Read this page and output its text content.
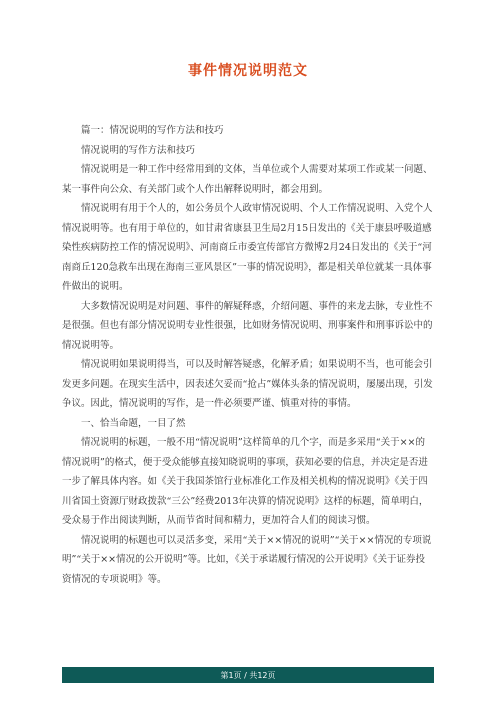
事件情况说明范文

篇一：情况说明的写作方法和技巧

情况说明的写作方法和技巧

情况说明是一种工作中经常用到的文体，当单位或个人需要对某项工作或某一问题、某一事件向公众、有关部门或个人作出解释说明时，都会用到。

情况说明有用于个人的，如公务员个人政审情况说明、个人工作情况说明、入党个人情况说明等。也有用于单位的，如甘肃省康县卫生局2月15日发出的《关于康县呼吸道感染性疾病防控工作的情况说明》、河南商丘市委宣传部官方微博2月24日发出的《关于“河南商丘120急救车出现在海南三亚风景区”一事的情况说明》，都是相关单位就某一具体事件做出的说明。

大多数情况说明是对问题、事件的解疑释惑，介绍问题、事件的来龙去脉，专业性不是很强。但也有部分情况说明专业性很强，比如财务情况说明、刑事案件和刑事诉讼中的情况说明等。

情况说明如果说明得当，可以及时解答疑惑，化解矛盾；如果说明不当，也可能会引发更多问题。在现实生活中，因表述欠妥而“抢占”媒体头条的情况说明，屡屡出现，引发争议。因此，情况说明的写作，是一件必须要严谨、慎重对待的事情。

一、恰当命题，一目了然

情况说明的标题，一般不用“情况说明”这样简单的几个字，而是多采用“关于××的情况说明”的格式，便于受众能够直接知晓说明的事项，获知必要的信息，并决定是否进一步了解具体内容。如《关于我国茶馆行业标准化工作及相关机构的情况说明》《关于四川省国土资源厅财政拨款“三公”经费2013年决算的情况说明》这样的标题，简单明白，受众易于作出阅读判断，从而节省时间和精力，更加符合人们的阅读习惯。

情况说明的标题也可以灵活多变，采用“关于××情况的说明”“关于××情况的专项说明”“关于××情况的公开说明”等。比如，《关于承诺履行情况的公开说明》《关于证券投资情况的专项说明》等。

第1页 / 共12页
